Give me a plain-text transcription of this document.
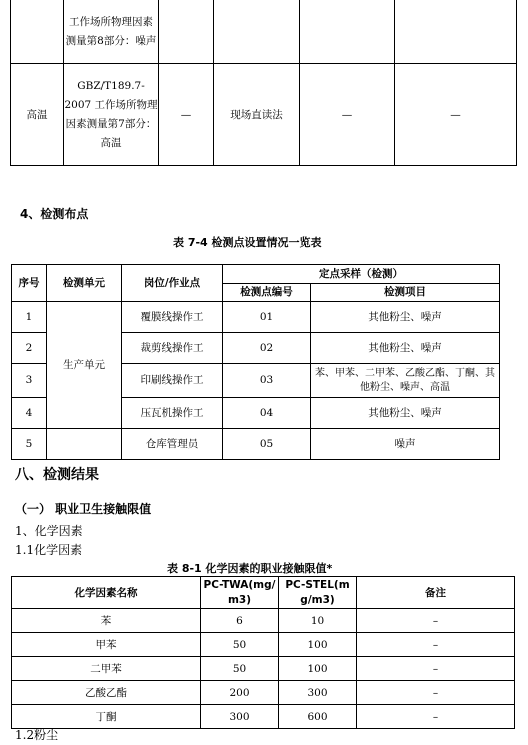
	工作场所物理因素测量第8部分：噪声				
高温	GBZ/T189.7-2007 工作场所物理因素测量第7部分：高温	—	现场直读法	—	—
4、检测布点
表 7-4 检测点设置情况一览表
序号	检测单元	岗位/作业点	定点采样（检测）	
			检测点编号	检测项目
1	生产单元	覆膜线操作工	01	其他粉尘、噪声
2		裁剪线操作工	02	其他粉尘、噪声
3		印刷线操作工	03	苯、甲苯、二甲苯、乙酸乙酯、丁酮、其他粉尘、噪声、高温
4		压瓦机操作工	04	其他粉尘、噪声
5		仓库管理员	05	噪声
八、检测结果
（一） 职业卫生接触限值
1、化学因素
1.1化学因素
表 8-1 化学因素的职业接触限值*
化学因素名称	PC-TWA(mg/m3)	PC-STEL(mg/m3)	备注
苯	6	10	–
甲苯	50	100	–
二甲苯	50	100	–
乙酸乙酯	200	300	–
丁酮	300	600	–
1.2粉尘
